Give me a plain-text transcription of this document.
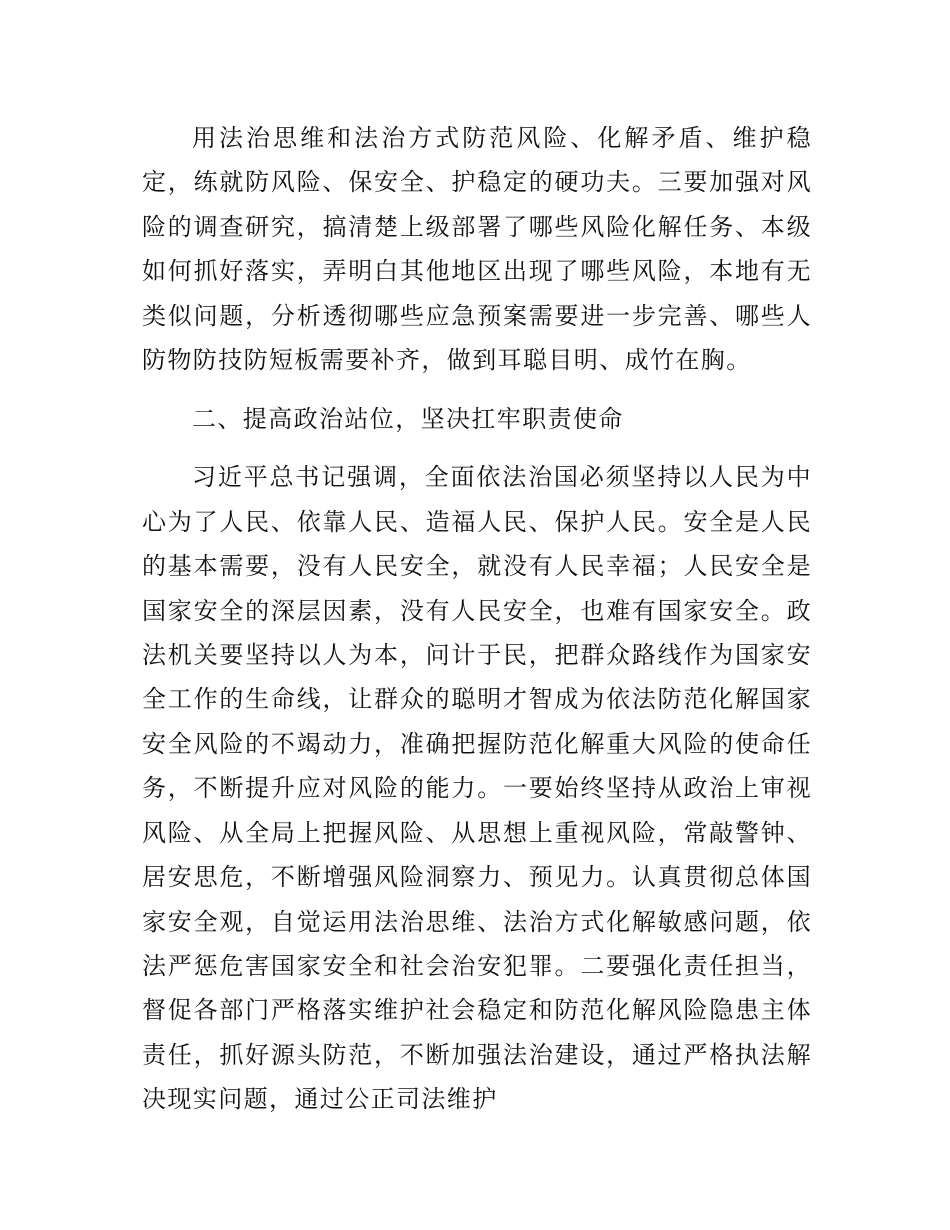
用法治思维和法治方式防范风险、化解矛盾、维护稳定，练就防风险、保安全、护稳定的硬功夫。三要加强对风险的调查研究，搞清楚上级部署了哪些风险化解任务、本级如何抓好落实，弄明白其他地区出现了哪些风险，本地有无类似问题，分析透彻哪些应急预案需要进一步完善、哪些人防物防技防短板需要补齐，做到耳聪目明、成竹在胸。

二、提高政治站位，坚决扛牢职责使命

习近平总书记强调，全面依法治国必须坚持以人民为中心为了人民、依靠人民、造福人民、保护人民。安全是人民的基本需要，没有人民安全，就没有人民幸福；人民安全是国家安全的深层因素，没有人民安全，也难有国家安全。政法机关要坚持以人为本，问计于民，把群众路线作为国家安全工作的生命线，让群众的聪明才智成为依法防范化解国家安全风险的不竭动力，准确把握防范化解重大风险的使命任务，不断提升应对风险的能力。一要始终坚持从政治上审视风险、从全局上把握风险、从思想上重视风险，常敲警钟、居安思危，不断增强风险洞察力、预见力。认真贯彻总体国家安全观，自觉运用法治思维、法治方式化解敏感问题，依法严惩危害国家安全和社会治安犯罪。二要强化责任担当，督促各部门严格落实维护社会稳定和防范化解风险隐患主体责任，抓好源头防范，不断加强法治建设，通过严格执法解决现实问题，通过公正司法维护
